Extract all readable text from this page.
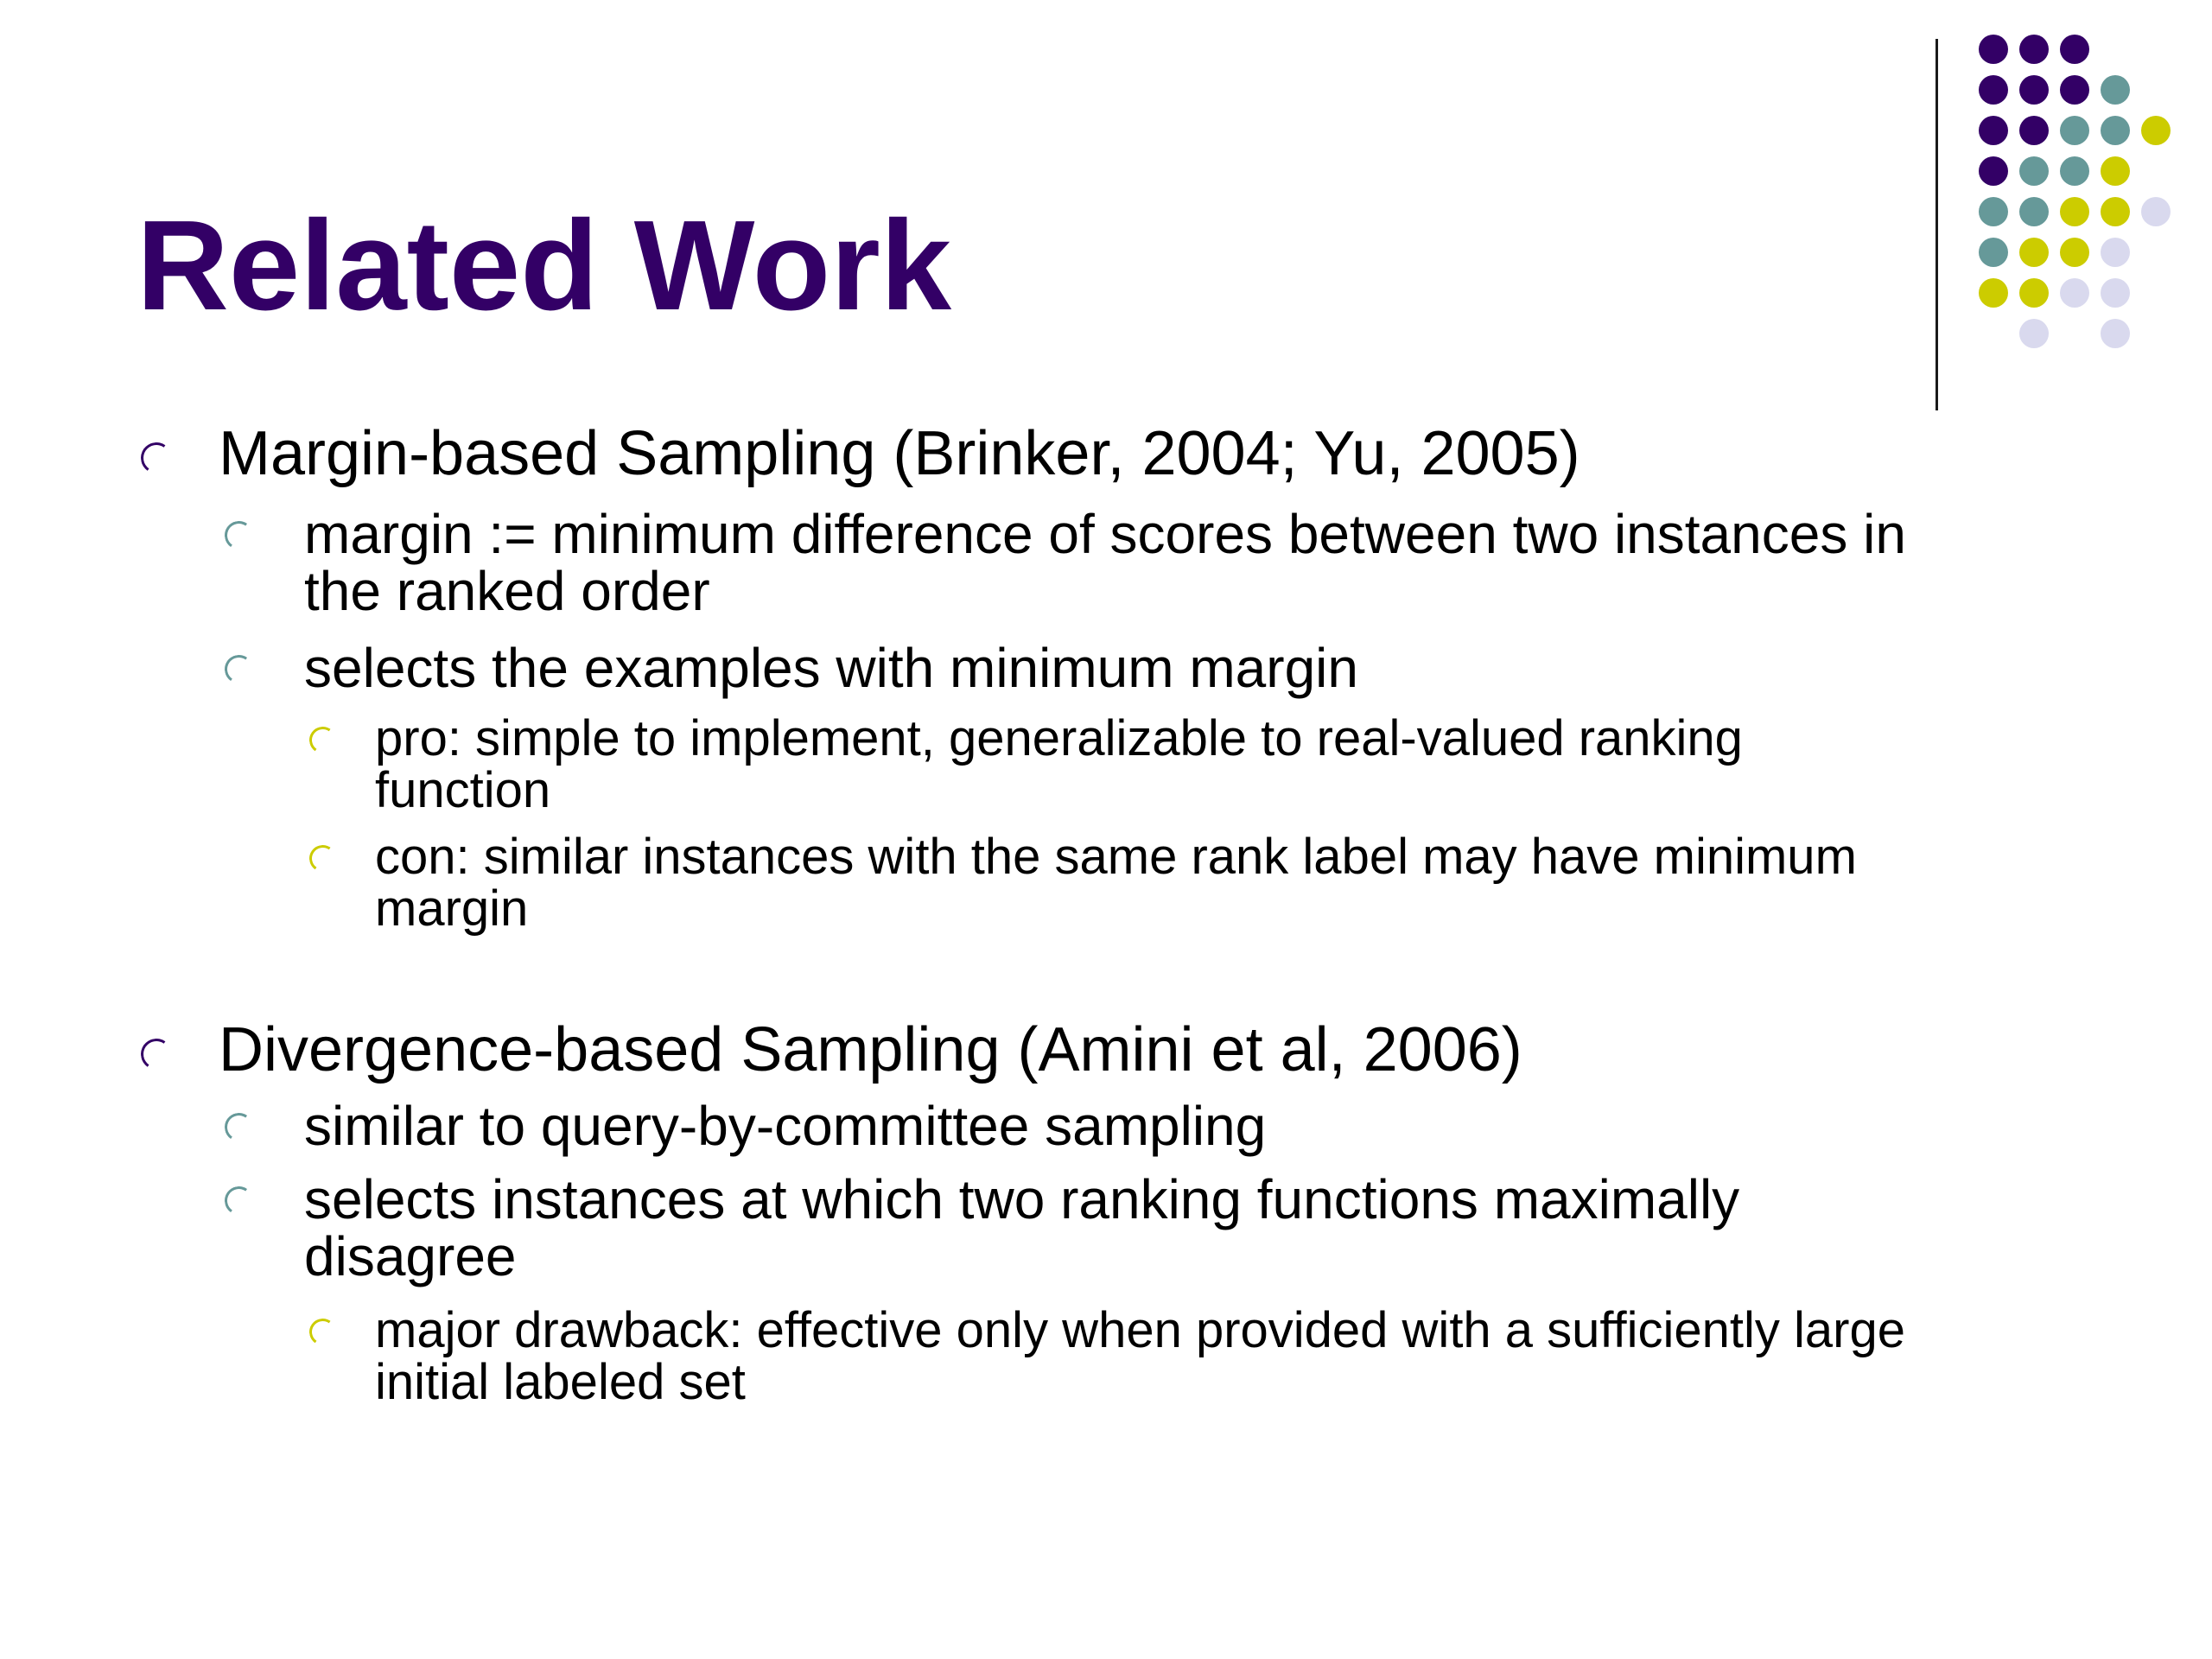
Related Work
Margin-based Sampling (Brinker, 2004; Yu, 2005)
margin := minimum difference of scores between two instances in
the ranked order
selects the examples with minimum margin
pro: simple to implement, generalizable to real-valued ranking
function
con: similar instances with the same rank label may have minimum
margin
Divergence-based Sampling (Amini et al, 2006)
similar to query-by-committee sampling
selects instances at which two ranking functions maximally
disagree
major drawback: effective only when provided with a sufficiently large
initial labeled set
